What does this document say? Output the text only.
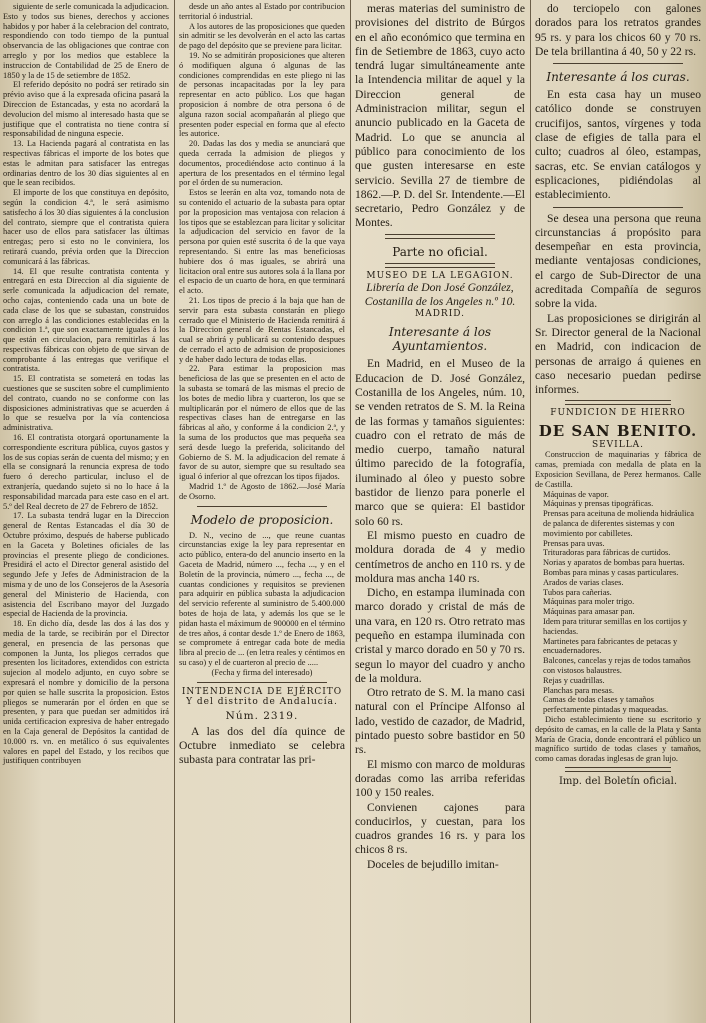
siguiente de serle comunicada la adjudicacion. Esto y todos sus bienes, derechos y acciones habidos y por haber á la celebracion del contrato, respondiendo con todo tiempo de la puntual observancia de las obligaciones que contrae con arreglo y por los medios que establece la instruccion de Contabilidad de 25 de Enero de 1850 y la de 15 de setiembre de 1852.

El referido depósito no podrá ser retirado sin prévio aviso que á la expresada oficina pasará la Direccion de Estancadas, y esta no acordará la devolucion del mismo al interesado hasta que se justifique que el contratista no tiene contra sí responsabilidad de ninguna especie.

13. La Hacienda pagará al contratista en las respectivas fábricas el importe de los botes que estas le admitan para satisfacer las entregas ordinarias dentro de los 30 días siguientes al en que le sean recibidos.

El importe de los que constituya en depósito, según la condicion 4.ª, le será asimismo satisfecho á los 30 días siguientes á la conclusion del contrato, siempre que el contratista quiera hacer uso de ellos para satisfacer las últimas entregas; pero si esto no le conviniera, los retirará cuando, prévia orden que la Direccion comunicará á las fábricas.

14. El que resulte contratista contenta y entregará en esta Direccion al día siguiente de serle comunicada la adjudicacion del remate, ocho cajas, conteniendo cada una un bote de cada clase de los que se subastan, construidos con arreglo á las condiciones establecidas en la condicion 1.ª, que son exactamente iguales á los que están en circulacion, para remitirlas á las respectivas fábricas con objeto de que sirvan de comprobante á las entregas que verifique el contratista.

15. El contratista se someterá en todas las cuestiones que se susciten sobre el cumplimiento del contrato, cuando no se conforme con las disposiciones administrativas que se acuerden á lo que se resuelva por la vía contenciosa administrativa.

16. El contratista otorgará oportunamente la correspondiente escritura pública, cuyos gastos y los de sus copias serán de cuenta del mismo; y en ella se consignará la renuncia expresa de todo fuero ó derecho particular, incluso el de extranjería, quedando sujeto si no lo hace á la responsabilidad marcada para este caso en el art. 5.º del Real decreto de 27 de Febrero de 1852.

17. La subasta tendrá lugar en la Direccion general de Rentas Estancadas el día 30 de Octubre próximo, después de haberse publicado en la Gaceta y Boletines oficiales de las provincias el presente pliego de condiciones. Presidirá el acto el Director general asistido del segundo Jefe y Jefes de Administracion de la misma y de uno de los Consejeros de la Asesoría general del Ministerio de Hacienda, con asistencia del Escribano mayor del Juzgado especial de Hacienda de la provincia.

18. En dicho día, desde las dos á las dos y media de la tarde, se recibirán por el Director general, en presencia de las personas que componen la Junta, los pliegos cerrados que presenten los licitadores, extendidos con estricta sujecion al modelo adjunto, en cuyo sobre se expresará el nombre y domicilio de la persona por quien se halle suscrita la proposicion. Estos pliegos se numerarán por el órden en que se presenten, y para que puedan ser admitidos irá unida certificacion expresiva de haber entregado en la Caja general de Depósitos la cantidad de 10.000 rs. vn. en metálico ó sus equivalentes valores en papel del Estado, y los recibos que justifiquen contribuyen

desde un año antes al Estado por contribucion territorial ó industrial.

A los autores de las proposiciones que queden sin admitir se les devolverán en el acto las cartas de pago del depósito que se previene para licitar.

19. No se admitirán proposiciones que alteren ó modifiquen alguna ó algunas de las condiciones comprendidas en este pliego ni las de personas incapacitadas por la ley para representar en acto público. Los que hagan proposicion á nombre de otra persona ó de alguna razon social acompañarán al pliego que presenten poder especial en forma que al efecto les autorice.

20. Dadas las dos y media se anunciará que queda cerrada la admision de pliegos y documentos, procediéndose acto continuo á la apertura de los presentados en el término legal por el órden de su numeracion.

Estos se leerán en alta voz, tomando nota de su contenido el actuario de la subasta para optar por la proposicion mas ventajosa con relacion á los tipos que se establezcan para licitar y solicitar la adjudicacion del servicio en favor de la persona por quien esté suscrita ó de la que vaya representando. Si entre las mas beneficiosas hubiere dos ó mas iguales, se abrirá una licitacion oral entre sus autores sola á la llana por el espacio de un cuarto de hora, en que terminará el acto.

21. Los tipos de precio á la baja que han de servir para esta subasta constarán en pliego cerrado que el Ministerio de Hacienda remitirá á la Direccion general de Rentas Estancadas, el cual se abrirá y publicará su contenido despues de cerrado el acto de admision de proposiciones y de haber dado lectura de todas ellas.

22. Para estimar la proposicion mas beneficiosa de las que se presenten en el acto de la subasta se tomará de las mismas el precio de los botes de medio libra y cuarteron, los que se multiplicarán por el número de ellos que de las respectivas clases han de entregarse en las fábricas al año, y conforme á la condicion 2.ª, y la suma de los productos que mas pequeña sea será desde luego la preferida, solicitando del Gobierno de S. M. la adjudicacion del remate á favor de su autor, siempre que su resultado sea igual ó inferior al que ofrezcan los tipos fijados.

Madrid 1.º de Agosto de 1862.—José María de Osorno.

Modelo de proposicion.

D. N., vecino de ..., que reune cuantas circunstancias exige la ley para representar en acto público, entera-do del anuncio inserto en la Gaceta de Madrid, número ..., fecha ..., y en el Boletín de la provincia, número ..., fecha ..., de cuantas condiciones y requisitos se previenen para adquirir en pública subasta la adjudicacion del servicio referente al suministro de 5.400.000 botes de hoja de lata, y además los que se le pidan hasta el máximum de 900000 en el término de tres años, á contar desde 1.º de Enero de 1863, se compromete á entregar cada bote de media libra al precio de ... (en letra reales y céntimos en su caso) y el de cuarteron al precio de .....

(Fecha y firma del interesado)

INTENDENCIA DE EJÉRCITO Y del distrito de Andalucía.
Núm. 2319.

A las dos del día quince de Octubre inmediato se celebra subasta para contratar las pri-

meras materias del suministro de provisiones del distrito de Búrgos en el año económico que termina en fin de Setiembre de 1863, cuyo acto tendrá lugar simultáneamente ante la Intendencia militar de aquel y la Direccion general de Administracion militar, segun el anuncio publicado en la Gaceta de Madrid. Lo que se anuncia al público para conocimiento de los que gusten interesarse en este servicio. Sevilla 27 de tiembre de 1862.—P. D. del Sr. Intendente.—El secretario, Pedro González y de Montes.

Parte no oficial.
MUSEO DE LA LEGAGION.

Librería de Don José González, Costanilla de los Angeles n.º 10.

MADRID.
Interesante á los Ayuntamientos.

En Madrid, en el Museo de la Educacion de D. José González, Costanilla de los Angeles, núm. 10, se venden retratos de S. M. la Reina de las formas y tamaños siguientes: cuadro con el retrato de más de medio cuerpo, tamaño natural último parecido de la fotografía, iluminado al óleo y puesto sobre bastidor de lienzo para ponerle el marco que se quiera: El bastidor solo 60 rs.

El mismo puesto en cuadro de moldura dorada de 4 y medio centímetros de ancho en 110 rs. y de moldura mas ancha 140 rs.

Dicho, en estampa iluminada con marco dorado y cristal de más de una vara, en 120 rs. Otro retrato mas pequeño en estampa iluminada con cristal y marco dorado en 50 y 70 rs. segun lo mayor del cuadro y ancho de la moldura.

Otro retrato de S. M. la mano casi natural con el Príncipe Alfonso al lado, vestido de cazador, de Madrid, pintado puesto sobre bastidor en 50 rs.

El mismo con marco de molduras doradas como las arriba referidas 100 y 150 reales.

Convienen cajones para conducirlos, y cuestan, para los cuadros grandes 16 rs. y para los chicos 8 rs.

Doceles de bejudillo imitan-

do terciopelo con galones dorados para los retratos grandes 95 rs. y para los chicos 60 y 70 rs. De tela brillantina á 40, 50 y 22 rs.

Interesante á los curas.

En esta casa hay un museo católico donde se construyen crucifijos, santos, vírgenes y toda clase de efigies de talla para el culto; cuadros al óleo, estampas, sacras, etc. Se envian catálogos y esplicaciones, pidiéndolas al establecimiento.

Se desea una persona que reuna circunstancias á propósito para desempeñar en esta provincia, mediante ventajosas condiciones, el cargo de Sub-Director de una acreditada Compañía de seguros sobre la vida.

Las proposiciones se dirigirán al Sr. Director general de la Nacional en Madrid, con indicacion de personas de arraigo á quienes en caso necesario puedan pedirse informes.

FUNDICION DE HIERRO
DE SAN BENITO.
SEVILLA.

Construccion de maquinarias y fábrica de camas, premiada con medalla de plata en la Exposicion Sevillana, de Perez hermanos. Calle de Castilla.

Máquinas de vapor.

Máquinas y prensas tipográficas.

Prensas para aceituna de molienda hidráulica de palanca de diferentes sistemas y con movimiento por cabilletes.

Prensas para uvas.

Trituradoras para fábricas de curtidos.

Norias y aparatos de bombas para huertas.

Bombas para minas y casas particulares.

Arados de varias clases.

Tubos para cañerias.

Máquinas para moler trigo.

Máquinas para amasar pan.

Idem para triturar semillas en los cortijos y haciendas.

Martinetes para fabricantes de petacas y encuadernadores.

Balcones, cancelas y rejas de todos tamaños con vistosos balaustres.

Rejas y cuadrillas.

Planchas para mesas.

Camas de todas clases y tamaños perfectamente pintadas y maqueadas.

Dicho establecimiento tiene su escritorio y depósito de camas, en la calle de la Plata y Santa María de Gracia, donde encontrará el público un magnífico surtido de todas clases y tamaños, como camas doradas inglesas de gran lujo.

Imp. del Boletín oficial.
